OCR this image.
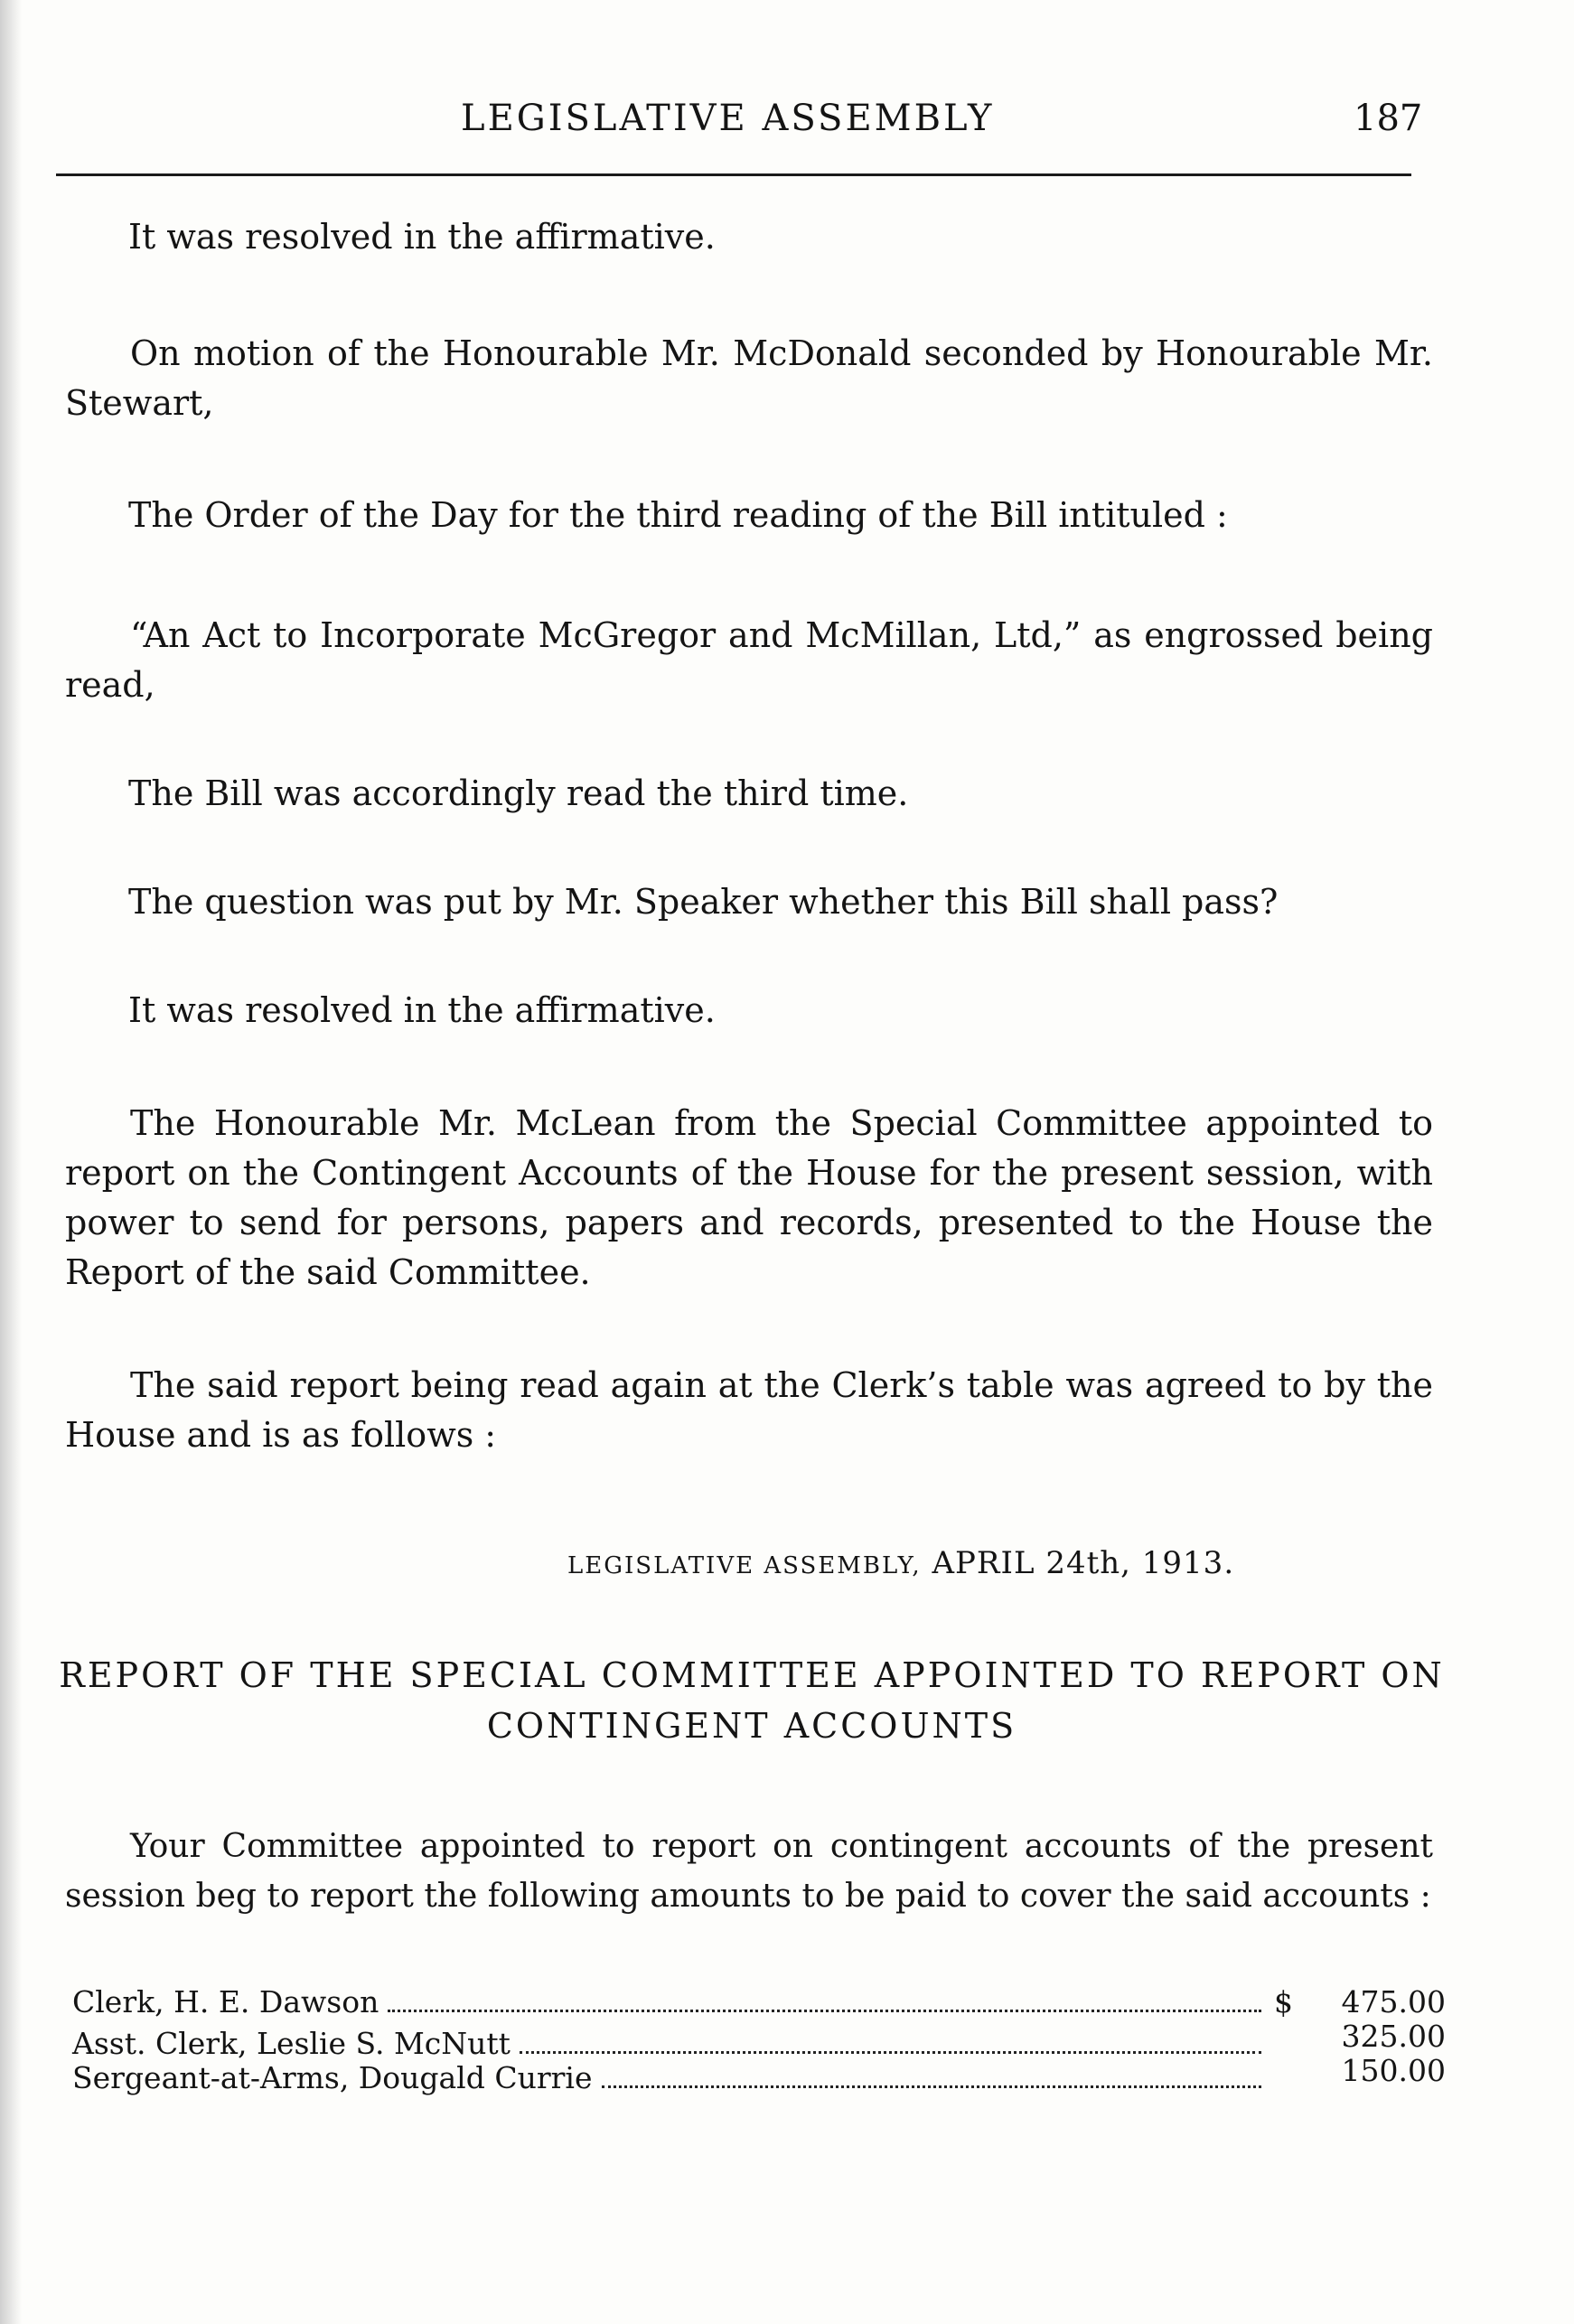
LEGISLATIVE ASSEMBLY	187

It was resolved in the affirmative.

On motion of the Honourable Mr. McDonald seconded by Honourable Mr. Stewart,

The Order of the Day for the third reading of the Bill intituled :

“An Act to Incorporate McGregor and McMillan, Ltd,” as engrossed being read,

The Bill was accordingly read the third time.

The question was put by Mr. Speaker whether this Bill shall pass?

It was resolved in the affirmative.

The Honourable Mr. McLean from the Special Committee appointed to report on the Contingent Accounts of the House for the present session, with power to send for persons, papers and records, presented to the House the Report of the said Committee.

The said report being read again at the Clerk’s table was agreed to by the House and is as follows :

LEGISLATIVE ASSEMBLY, APRIL 24th, 1913.

REPORT OF THE SPECIAL COMMITTEE APPOINTED TO REPORT ON CONTINGENT ACCOUNTS

Your Committee appointed to report on contingent accounts of the present session beg to report the following amounts to be paid to cover the said accounts :

Clerk, H. E. Dawson	$ 475.00
Asst. Clerk, Leslie S. McNutt	325.00
Sergeant-at-Arms, Dougald Currie	150.00
